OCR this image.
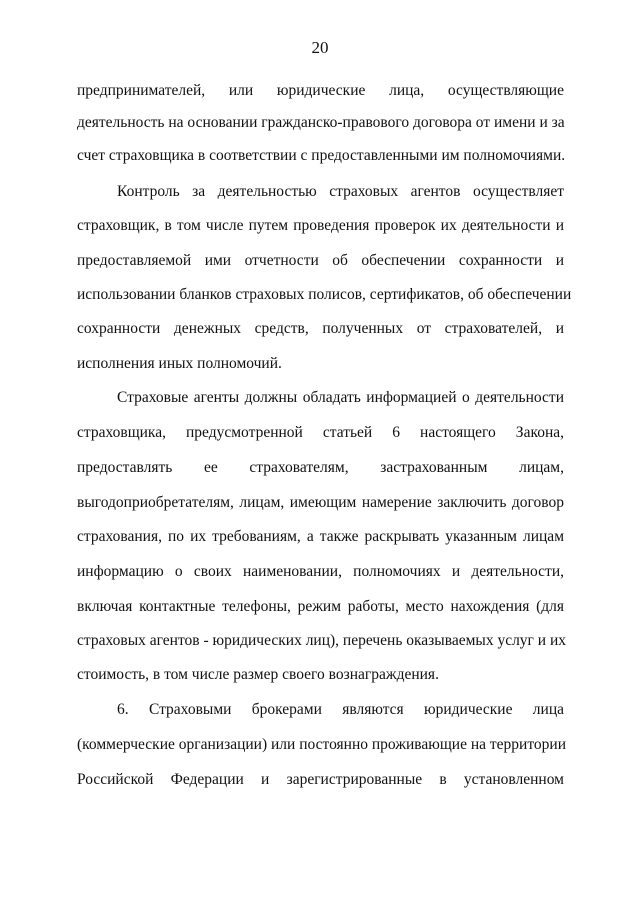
20
предпринимателей, или юридические лица, осуществляющие
деятельность на основании гражданско-правового договора от имени и за
счет страховщика в соответствии с предоставленными им полномочиями.
Контроль за деятельностью страховых агентов осуществляет
страховщик, в том числе путем проведения проверок их деятельности и
предоставляемой ими отчетности об обеспечении сохранности и
использовании бланков страховых полисов, сертификатов, об обеспечении
сохранности денежных средств, полученных от страхователей, и
исполнения иных полномочий.
Страховые агенты должны обладать информацией о деятельности
страховщика, предусмотренной статьей 6 настоящего Закона,
предоставлять ее страхователям, застрахованным лицам,
выгодоприобретателям, лицам, имеющим намерение заключить договор
страхования, по их требованиям, а также раскрывать указанным лицам
информацию о своих наименовании, полномочиях и деятельности,
включая контактные телефоны, режим работы, место нахождения (для
страховых агентов - юридических лиц), перечень оказываемых услуг и их
стоимость, в том числе размер своего вознаграждения.
6. Страховыми брокерами являются юридические лица
(коммерческие организации) или постоянно проживающие на территории
Российской Федерации и зарегистрированные в установленном
